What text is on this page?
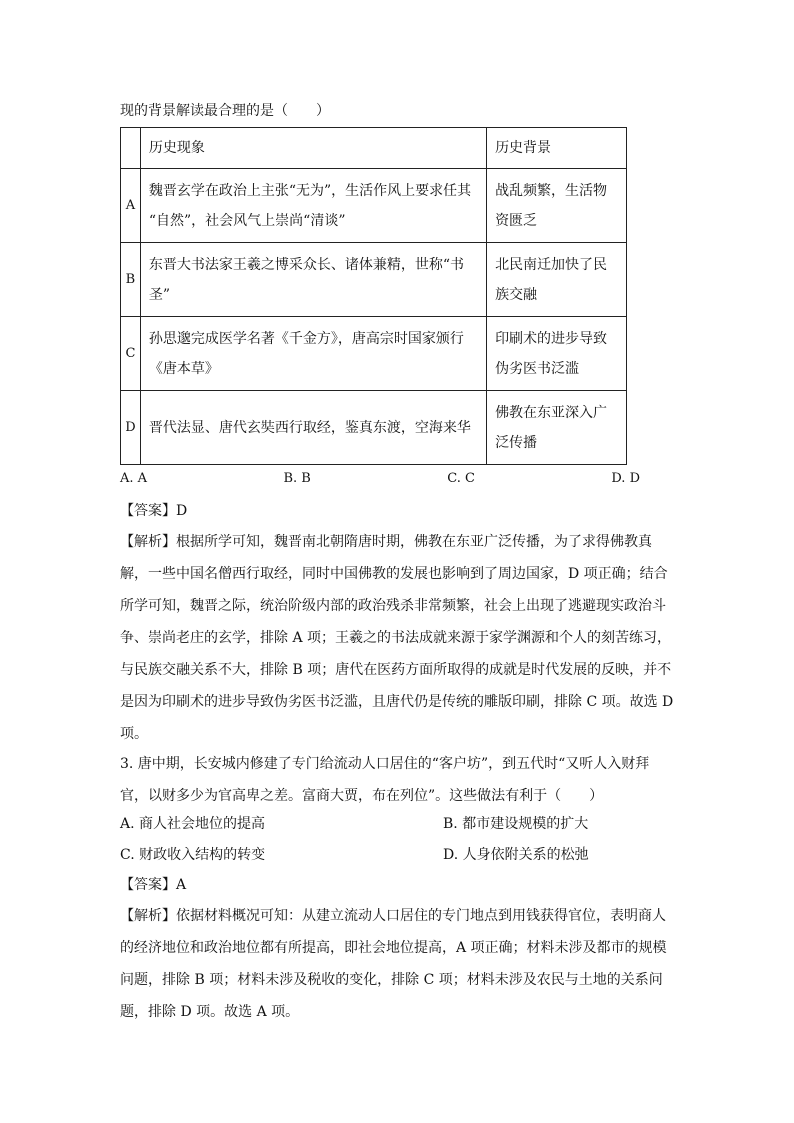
现的背景解读最合理的是（　　）
	历史现象	历史背景
A	魏晋玄学在政治上主张“无为”，生活作风上要求任其
“自然”，社会风气上崇尚“清谈”	战乱频繁，生活物
资匮乏
B	东晋大书法家王羲之博采众长、诸体兼精，世称“书
圣”	北民南迁加快了民
族交融
C	孙思邈完成医学名著《千金方》，唐高宗时国家颁行
《唐本草》	印刷术的进步导致
伪劣医书泛滥
D	晋代法显、唐代玄奘西行取经，鉴真东渡，空海来华	佛教在东亚深入广
泛传播
A. A	B. B	C. C	D. D
【答案】D
【解析】根据所学可知，魏晋南北朝隋唐时期，佛教在东亚广泛传播，为了求得佛教真
解，一些中国名僧西行取经，同时中国佛教的发展也影响到了周边国家，D 项正确；结合
所学可知，魏晋之际，统治阶级内部的政治残杀非常频繁，社会上出现了逃避现实政治斗
争、崇尚老庄的玄学，排除 A 项；王羲之的书法成就来源于家学渊源和个人的刻苦练习，
与民族交融关系不大，排除 B 项；唐代在医药方面所取得的成就是时代发展的反映，并不
是因为印刷术的进步导致伪劣医书泛滥，且唐代仍是传统的雕版印刷，排除 C 项。故选 D
项。
3. 唐中期，长安城内修建了专门给流动人口居住的“客户坊”，到五代时“又听人入财拜
官，以财多少为官高卑之差。富商大贾，布在列位”。这些做法有利于（　　）
A. 商人社会地位的提高	B. 都市建设规模的扩大
C. 财政收入结构的转变	D. 人身依附关系的松弛
【答案】A
【解析】依据材料概况可知：从建立流动人口居住的专门地点到用钱获得官位，表明商人
的经济地位和政治地位都有所提高，即社会地位提高，A 项正确；材料未涉及都市的规模
问题，排除 B 项；材料未涉及税收的变化，排除 C 项；材料未涉及农民与土地的关系问
题，排除 D 项。故选 A 项。
